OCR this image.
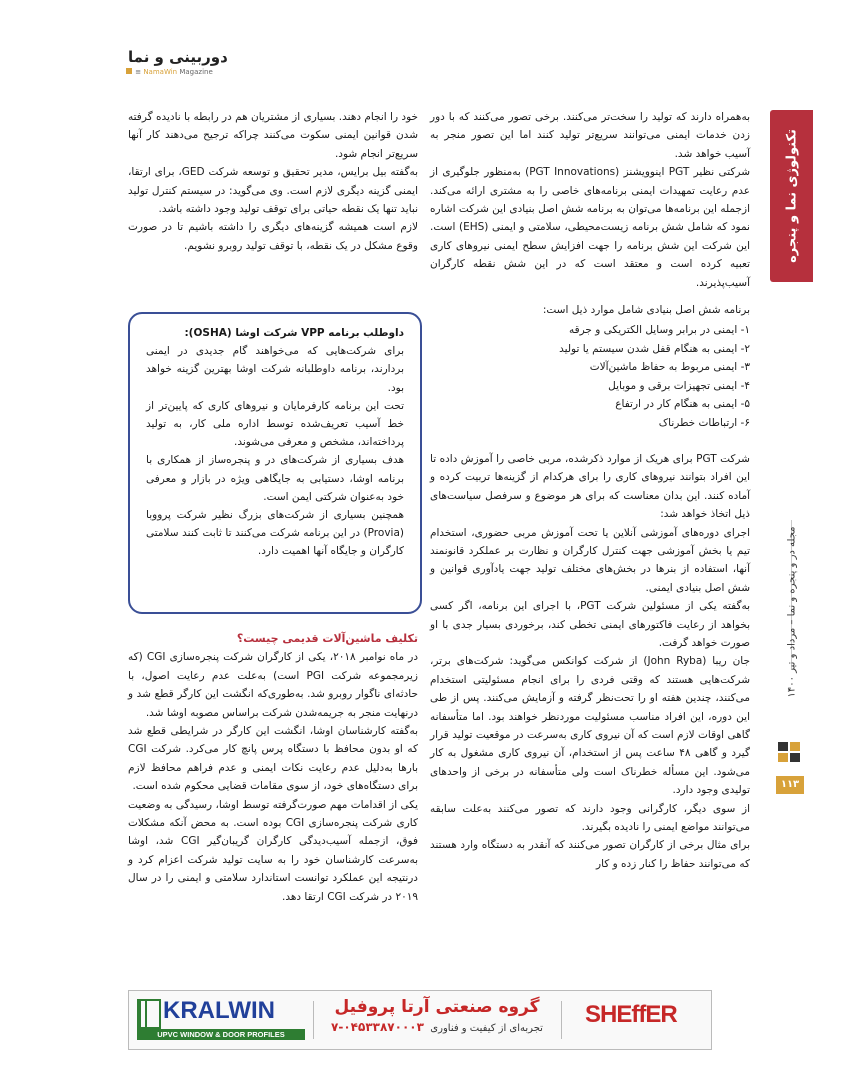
دوربینی و نما
≡ NamaWin Magazine
تکنولوژی نما و پنجره
مجله در و پنجره و نما – مرداد و تیر ۱۴۰۰
۱۱۳

به‌همراه دارند که تولید را سخت‌تر می‌کنند. برخی تصور می‌کنند که با دور زدن خدمات ایمنی می‌توانند سریع‌تر تولید کنند اما این تصور منجر به آسیب خواهد شد.

شرکتی نظیر PGT اینوویشنز (PGT Innovations) به‌منظور جلوگیری از عدم رعایت تمهیدات ایمنی برنامه‌های خاصی را به مشتری ارائه می‌کند. ازجمله این برنامه‌ها می‌توان به برنامه شش اصل بنیادی این شرکت اشاره نمود که شامل شش برنامه زیست‌محیطی، سلامتی و ایمنی (EHS) است. این شرکت این شش برنامه را جهت افزایش سطح ایمنی نیروهای کاری تعبیه کرده است و معتقد است که در این شش نقطه کارگران آسیب‌پذیرند.

برنامه شش اصل بنیادی شامل موارد ذیل است:

۱- ایمنی در برابر وسایل الکتریکی و جرقه
۲- ایمنی به هنگام قفل شدن سیستم یا تولید
۳- ایمنی مربوط به حفاظ ماشین‌آلات
۴- ایمنی تجهیزات برقی و موبایل
۵- ایمنی به هنگام کار در ارتفاع
۶- ارتباطات خطرناک

شرکت PGT برای هریک از موارد ذکرشده، مربی خاصی را آموزش داده تا این افراد بتوانند نیروهای کاری را برای هرکدام از گزینه‌ها تربیت کرده و آماده کنند. این بدان معناست که برای هر موضوع و سرفصل سیاست‌های ذیل اتخاذ خواهد شد:

اجرای دوره‌های آموزشی آنلاین یا تحت آموزش مربی حضوری، استخدام تیم یا بخش آموزشی جهت کنترل کارگران و نظارت بر عملکرد قانونمند آنها، استفاده از بنرها در بخش‌های مختلف تولید جهت یادآوری قوانین و شش اصل بنیادی ایمنی.

به‌گفته یکی از مسئولین شرکت PGT، با اجرای این برنامه، اگر کسی بخواهد از رعایت فاکتورهای ایمنی تخطی کند، برخوردی بسیار جدی با او صورت خواهد گرفت.

جان ریبا (John Ryba) از شرکت کوانکس می‌گوید: شرکت‌های برتر، شرکت‌هایی هستند که وقتی فردی را برای انجام مسئولیتی استخدام می‌کنند، چندین هفته او را تحت‌نظر گرفته و آزمایش می‌کنند. پس از طی این دوره، این افراد مناسب مسئولیت موردنظر خواهند بود. اما متأسفانه گاهی اوقات لازم است که آن نیروی کاری به‌سرعت در موقعیت تولید قرار گیرد و گاهی ۴۸ ساعت پس از استخدام، آن نیروی کاری مشغول به کار می‌شود. این مسأله خطرناک است ولی متأسفانه در برخی از واحدهای تولیدی وجود دارد.

از سوی دیگر، کارگرانی وجود دارند که تصور می‌کنند به‌علت سابقه می‌توانند مواضع ایمنی را نادیده بگیرند.

برای مثال برخی از کارگران تصور می‌کنند که آنقدر به دستگاه وارد هستند که می‌توانند حفاظ را کنار زده و کار

خود را انجام دهند. بسیاری از مشتریان هم در رابطه با نادیده گرفته شدن قوانین ایمنی سکوت می‌کنند چراکه ترجیح می‌دهند کار آنها سریع‌تر انجام شود.

به‌گفته بیل برایس، مدیر تحقیق و توسعه شرکت GED، برای ارتقا، ایمنی گزینه دیگری لازم است. وی می‌گوید: در سیستم کنترل تولید نباید تنها یک نقطه حیاتی برای توقف تولید وجود داشته باشد.

لازم است همیشه گزینه‌های دیگری را داشته باشیم تا در صورت وقوع مشکل در یک نقطه، با توقف تولید روبرو نشویم.

داوطلب برنامه VPP شرکت اوشا (OSHA):

برای شرکت‌هایی که می‌خواهند گام جدیدی در ایمنی بردارند، برنامه داوطلبانه شرکت اوشا بهترین گزینه خواهد بود.

تحت این برنامه کارفرمایان و نیروهای کاری که پایین‌تر از خط آسیب تعریف‌شده توسط اداره ملی کار، به تولید پرداخته‌اند، مشخص و معرفی می‌شوند.

هدف بسیاری از شرکت‌های در و پنجره‌ساز از همکاری با برنامه اوشا، دستیابی به جایگاهی ویژه در بازار و معرفی خود به‌عنوان شرکتی ایمن است.

همچنین بسیاری از شرکت‌های بزرگ نظیر شرکت پرووبا (Provia) در این برنامه شرکت می‌کنند تا ثابت کنند سلامتی کارگران و جایگاه آنها اهمیت دارد.

تکلیف ماشین‌آلات قدیمی چیست؟

در ماه نوامبر ۲۰۱۸، یکی از کارگران شرکت پنجره‌سازی CGI (که زیرمجموعه شرکت PGI است) به‌علت عدم رعایت اصول، با حادثه‌ای ناگوار روبرو شد. به‌طوری‌که انگشت این کارگر قطع شد و درنهایت منجر به جریمه‌شدن شرکت براساس مصوبه اوشا شد.

به‌گفته کارشناسان اوشا، انگشت این کارگر در شرایطی قطع شد که او بدون محافظ با دستگاه پرس پانچ کار می‌کرد. شرکت CGI بارها به‌دلیل عدم رعایت نکات ایمنی و عدم فراهم محافظ لازم برای دستگاه‌های خود، از سوی مقامات قضایی محکوم شده است.

یکی از اقدامات مهم صورت‌گرفته توسط اوشا، رسیدگی به وضعیت کاری شرکت پنجره‌سازی CGI بوده است. به محض آنکه مشکلات فوق، ازجمله آسیب‌دیدگی کارگران گریبان‌گیر CGI شد، اوشا به‌سرعت کارشناسان خود را به سایت تولید شرکت اعزام کرد و درنتیجه این عملکرد توانست استاندارد سلامتی و ایمنی را در سال ۲۰۱۹ در شرکت CGI ارتقا دهد.

KRALWIN
UPVC WINDOW & DOOR PROFILES
گروه صنعتی آرتا پروفیل
تجربه‌ای از کیفیت و فناوری  ۰۴۵۳۳۸۷۰۰۰۳-۷	SHEffER
